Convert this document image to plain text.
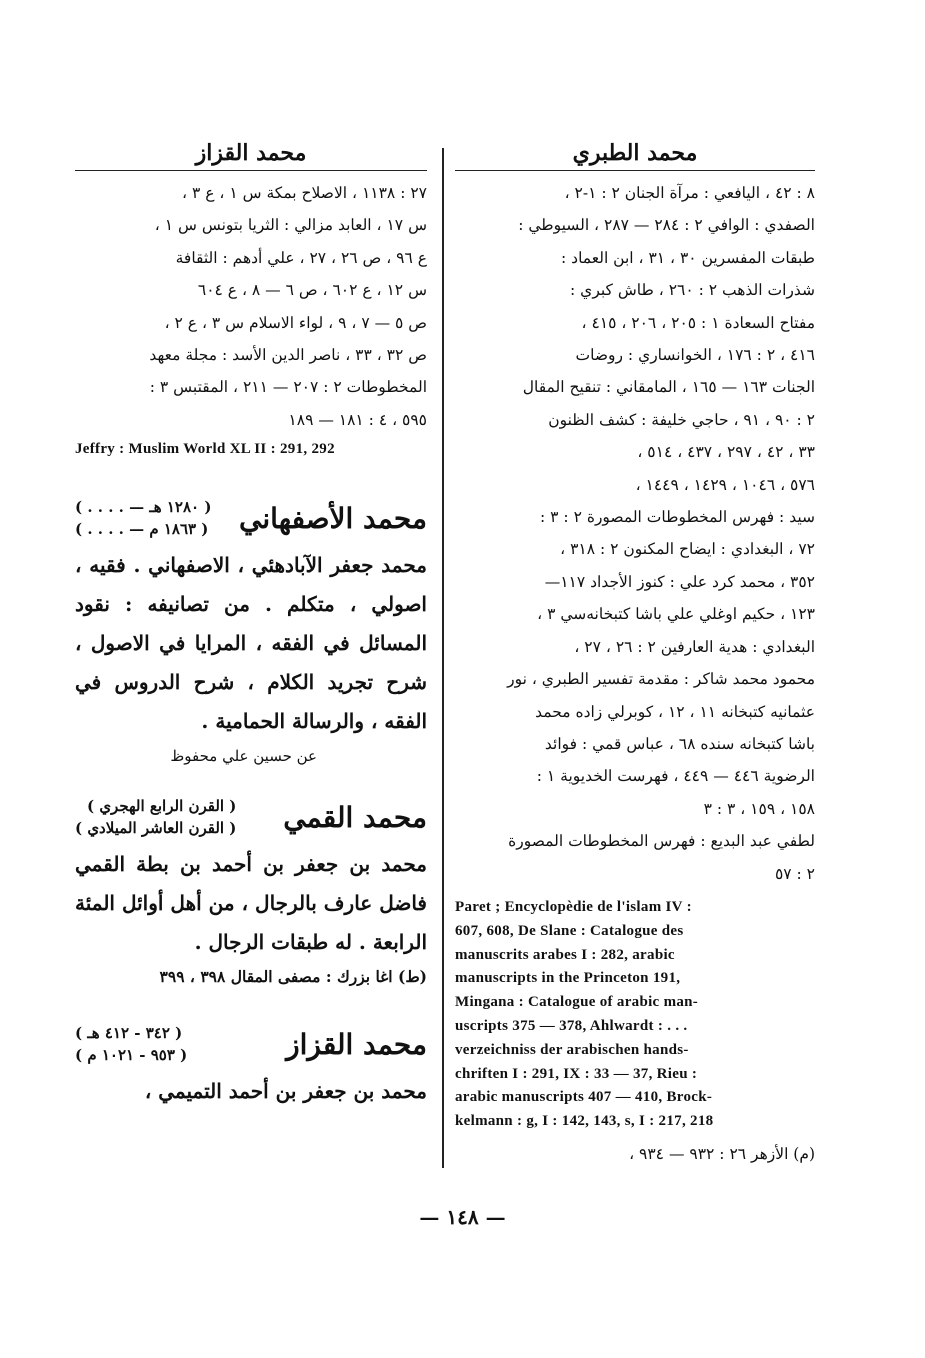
محمد الطبري
٨ : ٤٢ ، اليافعي : مرآة الجنان ٢ : ١-٢ ،
الصفدي : الوافي ٢ : ٢٨٤ — ٢٨٧ ، السيوطي :
طبقات المفسرين ٣٠ ، ٣١ ، ابن العماد :
شذرات الذهب ٢ : ٢٦٠ ، طاش كبري :
مفتاح السعادة ١ : ٢٠٥ ، ٢٠٦ ، ٤١٥ ،
٤١٦ ، ٢ : ١٧٦ ، الخوانساري : روضات
الجنات ١٦٣ — ١٦٥ ، المامقاني : تنقيح المقال
٢ : ٩٠ ، ٩١ ، حاجي خليفة : كشف الظنون
٣٣ ، ٤٢ ، ٢٩٧ ، ٤٣٧ ، ٥١٤ ،
٥٧٦ ، ١٠٤٦ ، ١٤٢٩ ، ١٤٤٩ ،
سيد : فهرس المخطوطات المصورة ٢ : ٣ :
٧٢ ، البغدادي : ايضاح المكنون ٢ : ٣١٨ ،
٣٥٢ ، محمد كرد علي : كنوز الأجداد ١١٧—
١٢٣ ، حكيم اوغلي علي باشا كتبخانه‌سي ٣ ،
البغدادي : هدية العارفين ٢ : ٢٦ ، ٢٧ ،
محمود محمد شاكر : مقدمة تفسير الطبري ، نور
عثمانيه كتبخانه ١١ ، ١٢ ، كوبرلي زاده محمد
باشا كتبخانه سنده ٦٨ ، عباس قمي : فوائد
الرضوية ٤٤٦ — ٤٤٩ ، فهرست الخديوية ١ :
١٥٨ ، ١٥٩ ، ٣ : ٣
لطفي عبد البديع : فهرس المخطوطات المصورة
٢ : ٥٧
Paret ; Encyclopèdie de l'islam IV :
607, 608, De Slane : Catalogue des
manuscrits arabes I : 282, arabic
manuscripts in the Princeton 191,
Mingana : Catalogue of arabic man-
uscripts 375 — 378, Ahlwardt : . . .
verzeichniss der arabischen hands-
chriften I : 291, IX : 33 — 37, Rieu :
arabic manuscripts 407 — 410, Brock-
kelmann : g, I : 142, 143, s, I : 217, 218
(م) الأزهر ٢٦ : ٩٣٢ — ٩٣٤ ،
محمد القزاز
٢٧ : ١١٣٨ ، الاصلاح بمكة س ١ ، ع ٣ ،
س ١٧ ، العابد مزالي : الثريا بتونس س ١ ،
ع ٩٦ ، ص ٢٦ ، ٢٧ ، علي أدهم : الثقافة
س ١٢ ، ع ٦٠٢ ، ص ٦ — ٨ ، ع ٦٠٤
ص ٥ — ٧ ، ٩ ، لواء الاسلام س ٣ ، ع ٢ ،
ص ٣٢ ، ٣٣ ، ناصر الدين الأسد : مجلة معهد
المخطوطات ٢ : ٢٠٧ — ٢١١ ، المقتبس ٣ :
٥٩٥ ، ٤ : ١٨١ — ١٨٩
Jeffry : Muslim World XL II : 291, 292
محمد الأصفهاني
( . . . . — ١٢٨٠ هـ )
( . . . . — ١٨٦٣ م )
محمد جعفر الآبادهئي ، الاصفهاني . فقيه ، اصولي ، متكلم . من تصانيفه : نقود المسائل في الفقه ، المرايا في الاصول ، شرح تجريد الكلام ، شرح الدروس في الفقه ، والرسالة الحمامية .
عن حسين علي محفوظ
محمد القمي
( القرن الرابع الهجري )
( القرن العاشر الميلادي )
محمد بن جعفر بن أحمد بن بطة القمي فاضل عارف بالرجال ، من أهل أوائل المئة الرابعة . له طبقات الرجال .
(ط) اغا بزرك : مصفى المقال ٣٩٨ ، ٣٩٩
محمد القزاز
( ٣٤٢ - ٤١٢ هـ )
( ٩٥٣ - ١٠٢١ م )
محمد بن جعفر بن أحمد التميمي ،
— ١٤٨ —
